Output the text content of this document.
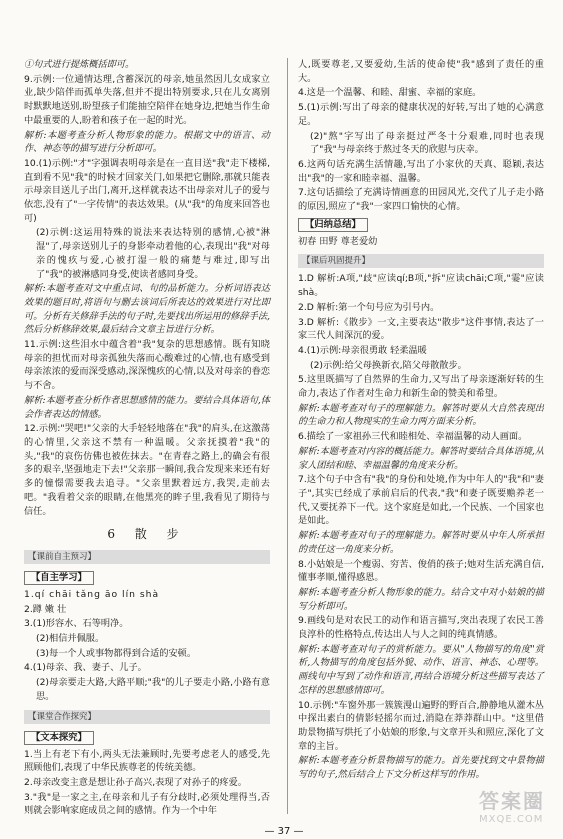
①句式进行提炼概括即可。

9.示例:一位通情达理,含蓄深沉的母亲,她虽然因儿女成家立业,缺少陪伴而孤单失落,但并不提出特别要求,只在儿女离别时默默地送别,盼望孩子们能抽空陪伴在她身边,把她当作生命中最重要的人,盼着和孩子在一起的时光。

解析:本题考查分析人物形象的能力。根据文中的语言、动作、神态等的描写进行分析即可。

10.(1)示例:"才"字强调表明母亲是在一直目送"我"走下楼梯,直到看不见"我"的时候才回家关门,如果把它删除,那就只能表示母亲目送儿子出门,离开,这样就表达不出母亲对儿子的爱与依恋,没有了"一字传情"的表达效果。(从"我"的角度来回答也可)

(2)示例:这运用特殊的说法来表达特别的感情,心被"淋湿"了,母亲送别儿子的身影牵动着他的心,表现出"我"对母亲的愧疚与爱,心被打湿一般的痛楚与难过,即写出了"我"的被淋感同身受,使读者感同身受。

解析:本题考查对文中重点词、句的品析能力。分析词语表达效果的题目时,将语句与删去该词后所表达的效果进行对比即可。分析有关修辞手法的句子时,先要找出所运用的修辞手法,然后分析修辞效果,最后结合文章主旨进行分析。

11.示例:这些泪水中蕴含着"我"复杂的思想感情。既有知晓母亲的担忧而对母亲孤独失落而心酸难过的心情,也有感受到母亲浓浓的爱而深受感动,深深愧疚的心情,以及对母亲的眷恋与不舍。

解析:本题考查分析作者思想感情的能力。要结合具体语句,体会作者表达的情感。

12.示例:"哭吧!"父亲的大手轻轻地落在"我"的肩头,在这激荡的心情里,父亲这不禁有一种温暖。父亲抚摸着"我"的头,"我"的哀伤仿佛也被佐抹去。"在青春之路上,的确会有很多的艰辛,坚强地走下去!"父亲那一瞬间,我合发现来来还有好多的憧憬需要我去追寻。"父亲里默着远方,我哭,走前去吧。"我看着父亲的眼睛,在他黑亮的眸子里,我看见了期待与信任。

6 散 步
【课前自主预习】
【自主学习】

1.qí chāi tǎng āo lín shà

2.蹲 嫩 壮

3.(1)形容水、石等明净。

(2)相信并佩服。

(3)每一个人或事物都得到合适的安顿。

4.(1)母亲、我、妻子、儿子。

(2)母亲要走大路,大路平顺;"我"的儿子要走小路,小路有意思。

【课堂合作探究】
【文本探究】

1.当上有老下有小,两头无法兼顾时,先要考虑老人的感受,先照顾他们,表现了中华民族尊老的传统美德。

2.母亲改变主意是想让孙子高兴,表现了对孙子的疼爱。

3."我"是一家之主,在母亲和儿子有分歧时,必须处理得当,否则就会影响家庭成员之间的感情。作为一个中年

人,既要尊老,又要爱幼,生活的使命使"我"感到了责任的重大。

4.这是一个温馨、和睦、甜蜜、幸福的家庭。

5.(1)示例:写出了母亲的健康状况的好转,写出了她的心满意足。

(2)"熬"字写出了母亲挺过严冬十分艰难,同时也表现了"我"与母亲终于熬过冬天的欣慰与庆幸。

6.这两句话充满生活情趣,写出了小家伙的天真、聪颖,表达出"我"的一家和睦幸福、温馨。

7.这句话描绘了充满诗情画意的田园风光,交代了儿子走小路的原因,照应了"我"一家四口愉快的心情。

【归纳总结】

初春 田野 尊老爱幼

【课后巩固提升】

1.D 解析:A项,"歧"应读qí;B项,"拆"应读chāi;C项,"霎"应读shà。

2.D 解析:第一个句号应为引号内。

3.D 解析:《散步》一文,主要表达"散步"这件事情,表达了一家三代人间深沉的爱。

4.(1)示例:母亲很勇敢 轻柔温暖

(2)示例:给父母换新衣,陪父母散散步。

5.这里既描写了自然界的生命力,又写出了母亲逐渐好转的生命力,表达了作者对生命力和新生命的赞美和希望。

解析:本题考查对句子的理解能力。解答时要从大自然表现出的生命力和人物现实的生命力两方面来分析。

6.描绘了一家祖孙三代和睦相处、幸福温馨的动人画面。

解析:本题考查对内容的概括能力。解答时要结合具体语境,从家人团结和睦、幸福温馨的角度来分析。

7.这个句子中含有"我"的身份和处境,作为中年人的"我"和"妻子",其实已经成了承前启后的代表,"我"和妻子既要赡养老一代,又要抚养下一代。这个家庭是如此,一个民族、一个国家也是如此。

解析:本题考查对句子的理解能力。解答时要从中年人所承担的责任这一角度来分析。

8.小姑娘是一个瘦弱、穷苦、俊俏的孩子;她对生活充满自信,懂事孝顺,懂得感恩。

解析:本题考查分析人物形象的能力。结合文中对小姑娘的描写分析即可。

9.画线句是对农民工的动作和语言描写,突出表现了农民工善良淳朴的性格特点,传达出人与人之间的纯真情感。

解析:本题考查对句子的赏析能力。要从"人物描写的角度"赏析,人物描写的角度包括外貌、动作、语言、神态、心理等。画线句中写到了动作和语言,再结合语境分析这些描写表达了怎样的思想感情即可。

10.示例:"车窗外那一簇簇漫山遍野的野百合,静静地从灌木丛中探出素白的倩影轻摇尔而过,消隐在莽莽群山中。"这里借助景物描写烘托了小姑娘的形象,与文章开头和照应,深化了文章的主旨。

解析:本题考查分析景物描写的能力。首先要找到文中景物描写的句子,然后结合上下文分析这样写的作用。

— 37 —
答案圈
MXQE.COM
